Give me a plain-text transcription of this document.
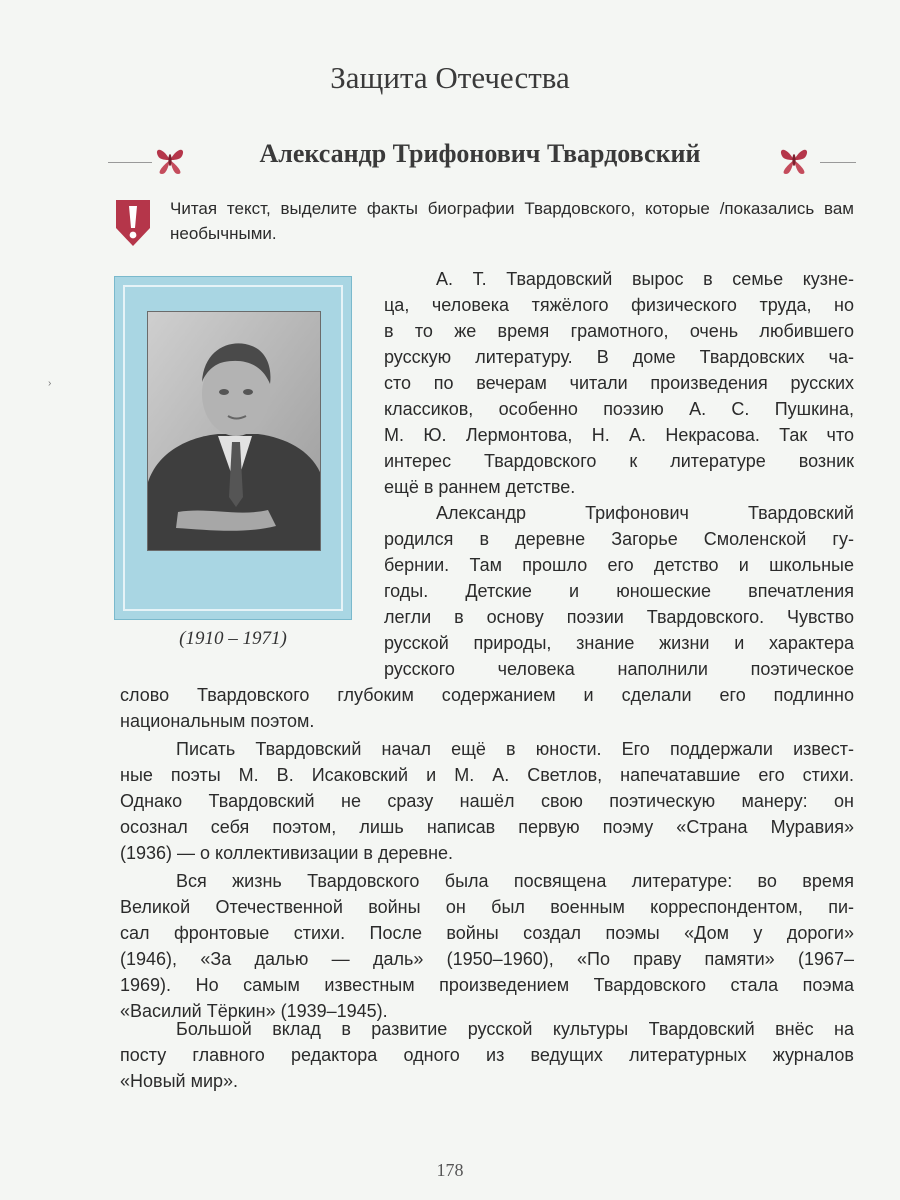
Защита Отечества
Александр Трифонович Твардовский
Читая текст, выделите факты биографии Твардовского, которые /показались вам необычными.
(1910 – 1971)
›
А. Т. Твардовский вырос в семье кузне-
ца, человека тяжёлого физического труда, но
в то же время грамотного, очень любившего
русскую литературу. В доме Твардовских ча-
сто по вечерам читали произведения русских
классиков, особенно поэзию А. С. Пушкина,
М. Ю. Лермонтова, Н. А. Некрасова. Так что
интерес Твардовского к литературе возник
ещё в раннем детстве.
Александр Трифонович Твардовский
родился в деревне Загорье Смоленской гу-
бернии. Там прошло его детство и школьные
годы. Детские и юношеские впечатления
легли в основу поэзии Твардовского. Чувство
русской природы, знание жизни и характера
русского человека наполнили поэтическое
слово Твардовского глубоким содержанием и сделали его подлинно
национальным поэтом.
Писать Твардовский начал ещё в юности. Его поддержали извест-
ные поэты М. В. Исаковский и М. А. Светлов, напечатавшие его стихи.
Однако Твардовский не сразу нашёл свою поэтическую манеру: он
осознал себя поэтом, лишь написав первую поэму «Страна Муравия»
(1936) — о коллективизации в деревне.
Вся жизнь Твардовского была посвящена литературе: во время
Великой Отечественной войны он был военным корреспондентом, пи-
сал фронтовые стихи. После войны создал поэмы «Дом у дороги»
(1946), «За далью — даль» (1950–1960), «По праву памяти» (1967–
1969). Но самым известным произведением Твардовского стала поэма
«Василий Тёркин» (1939–1945).
Большой вклад в развитие русской культуры Твардовский внёс на
посту главного редактора одного из ведущих литературных журналов
«Новый мир».
178
